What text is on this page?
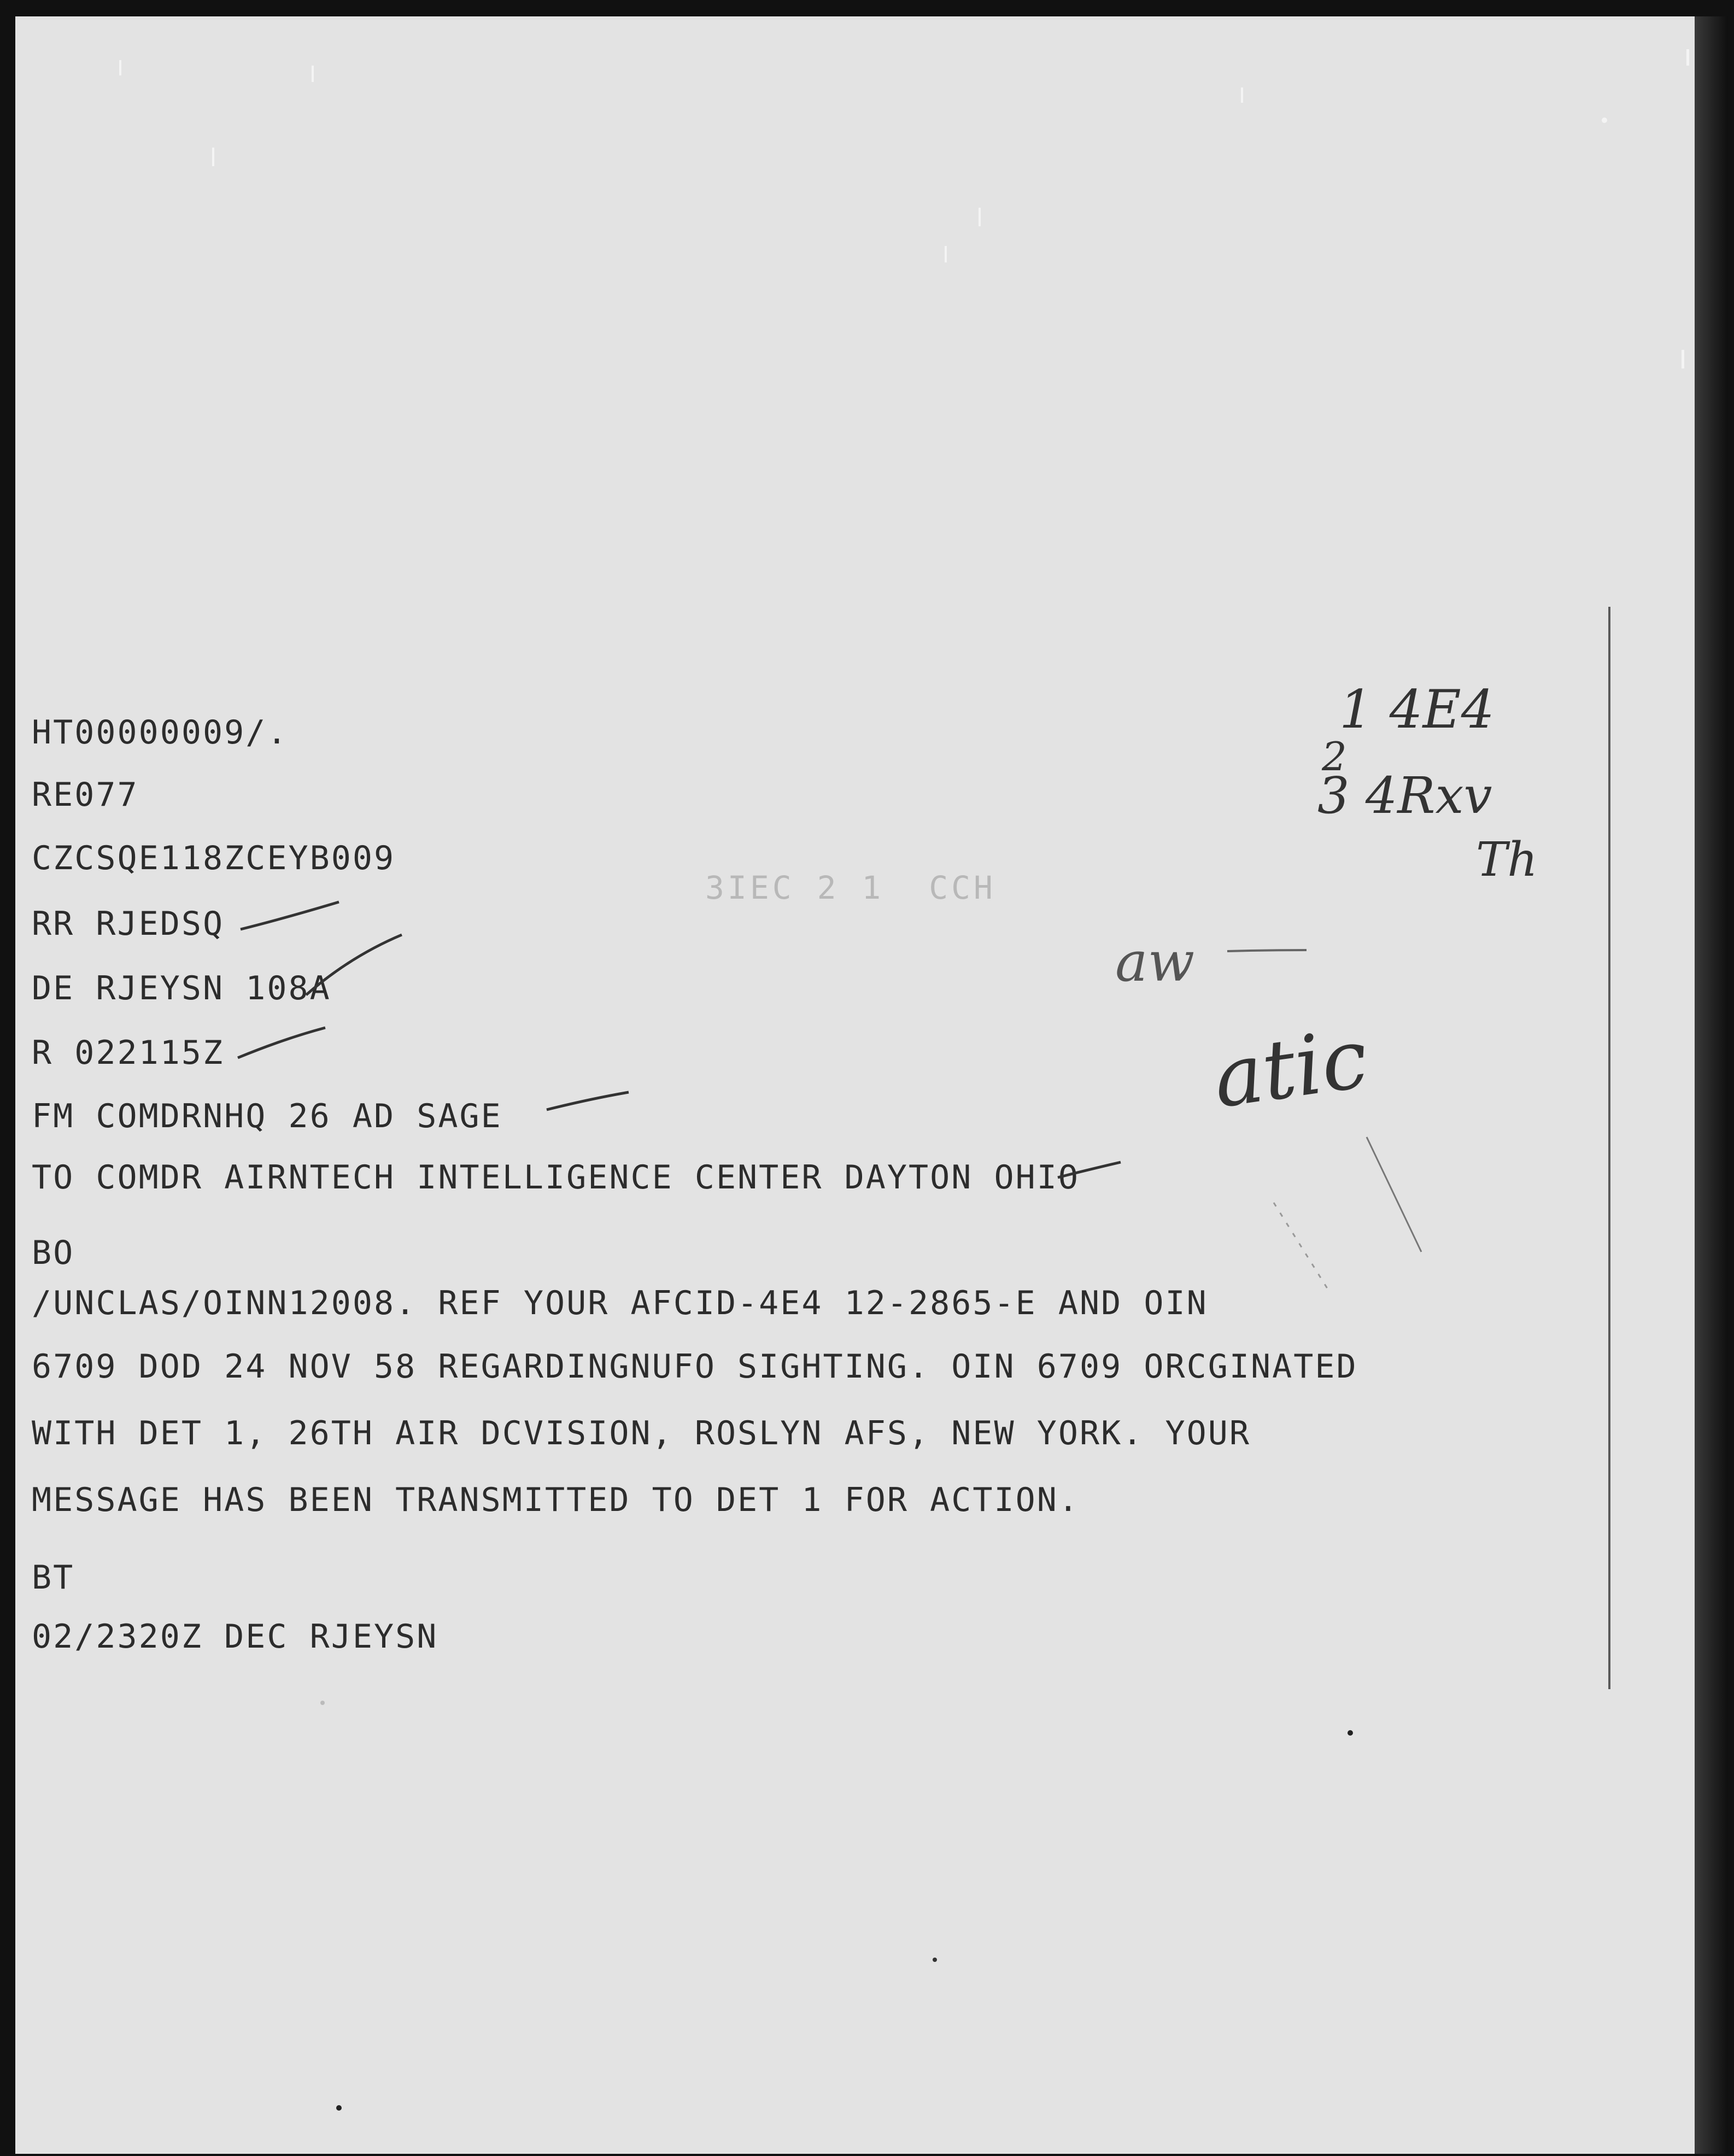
HT00000009/.

RE077

CZCSQE118ZCEYB009

RR RJEDSQ

DE RJEYSN 108A

R 022115Z

FM COMDRNHQ 26 AD SAGE

TO COMDR AIRNTECH INTELLIGENCE CENTER DAYTON OHIO

BO

/UNCLAS/OINN12008. REF YOUR AFCID-4E4 12-2865-E AND OIN

6709 DOD 24 NOV 58 REGARDINGNUFO SIGHTING. OIN 6709 ORCGINATED

WITH DET 1, 26TH AIR DCVISION, ROSLYN AFS, NEW YORK. YOUR

MESSAGE HAS BEEN TRANSMITTED TO DET 1 FOR ACTION.

BT

02/2320Z DEC RJEYSN

3IEC 2 1  CCH
1 4E4
2
3 4Rxv
Th
aw
atic
